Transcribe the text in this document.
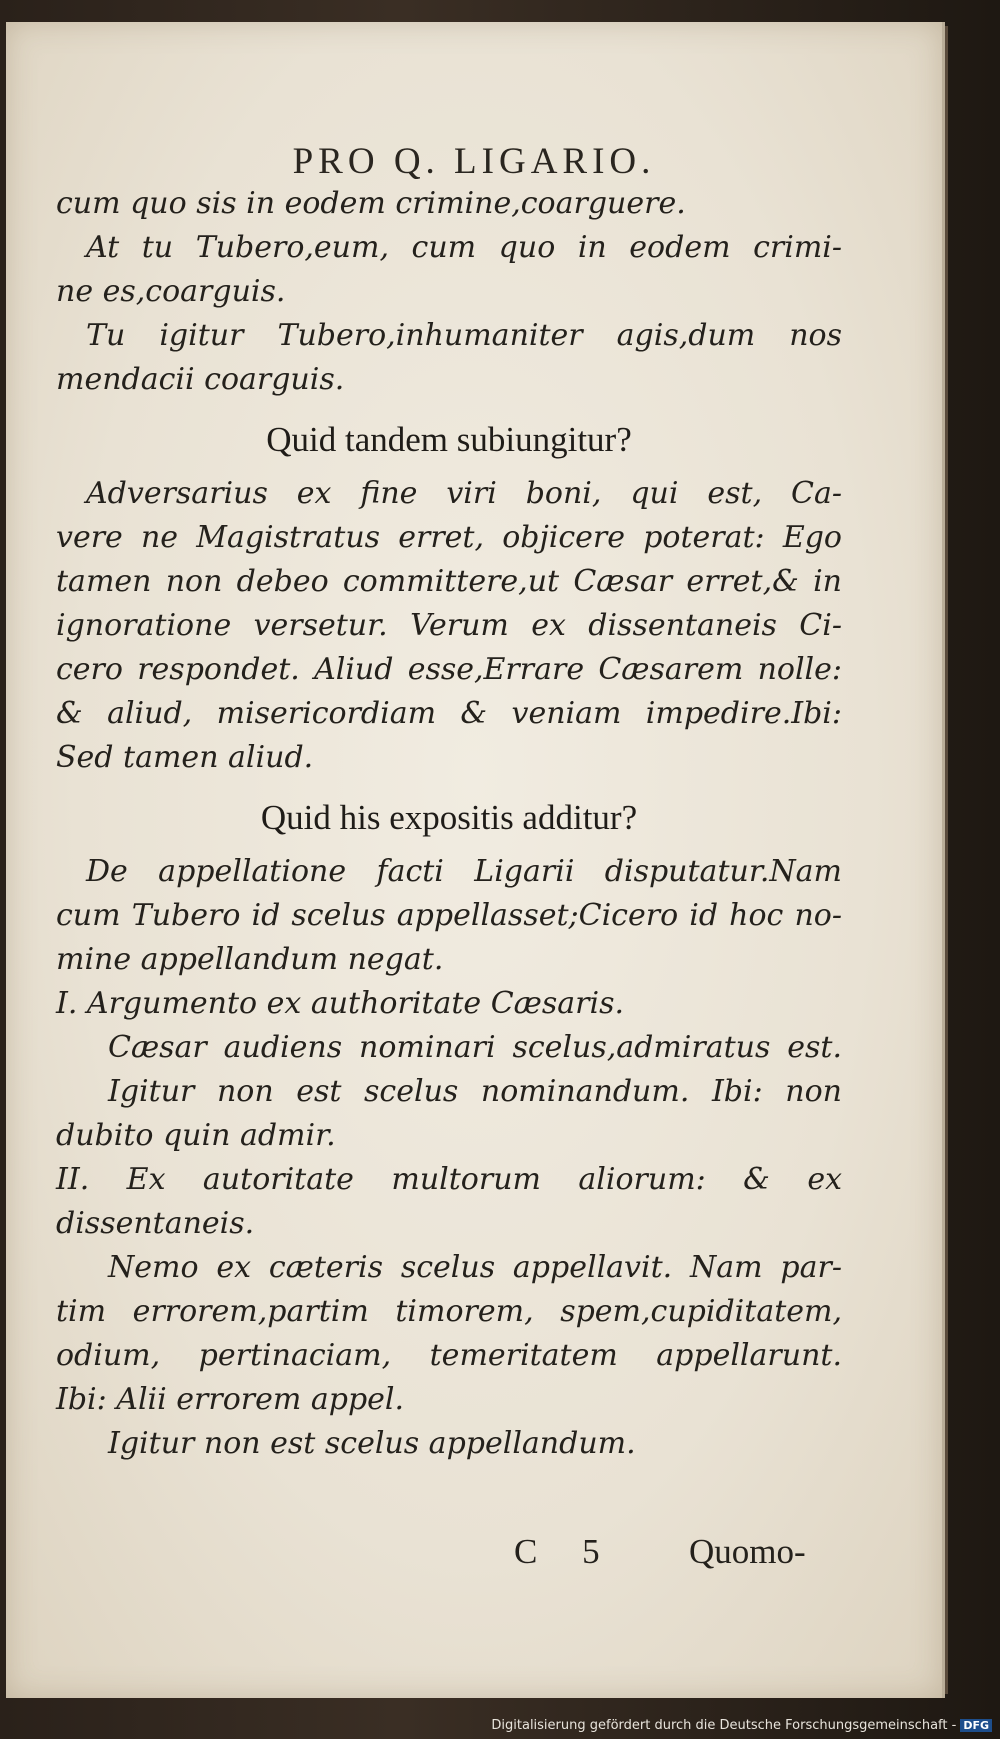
PRO Q. LIGARIO.
cum quo sis in eodem crimine,coarguere.
At tu Tubero,eum, cum quo in eodem crimi-
ne es,coarguis.
Tu igitur Tubero,inhumaniter agis,dum nos
mendacii coarguis.
Quid tandem subiungitur?
Adversarius ex fine viri boni, qui est, Ca-
vere ne Magistratus erret, objicere poterat: Ego
tamen non debeo committere,ut Cæsar erret,& in
ignoratione versetur. Verum ex dissentaneis Ci-
cero respondet. Aliud esse,Errare Cæsarem nolle:
& aliud, misericordiam & veniam impedire.Ibi:
Sed tamen aliud.
Quid his expositis additur?
De appellatione facti Ligarii disputatur.Nam
cum Tubero id scelus appellasset;Cicero id hoc no-
mine appellandum negat.
I. Argumento ex authoritate Cæsaris.
Cæsar audiens nominari scelus,admiratus est.
Igitur non est scelus nominandum. Ibi: non
dubito quin admir.
II. Ex autoritate multorum aliorum: & ex
dissentaneis.
Nemo ex cæteris scelus appellavit. Nam par-
tim errorem,partim timorem, spem,cupiditatem,
odium, pertinaciam, temeritatem appellarunt.
Ibi: Alii errorem appel.
Igitur non est scelus appellandum.
C 5 Quomo-
Digitalisierung gefördert durch die Deutsche Forschungsgemeinschaft - DFG
